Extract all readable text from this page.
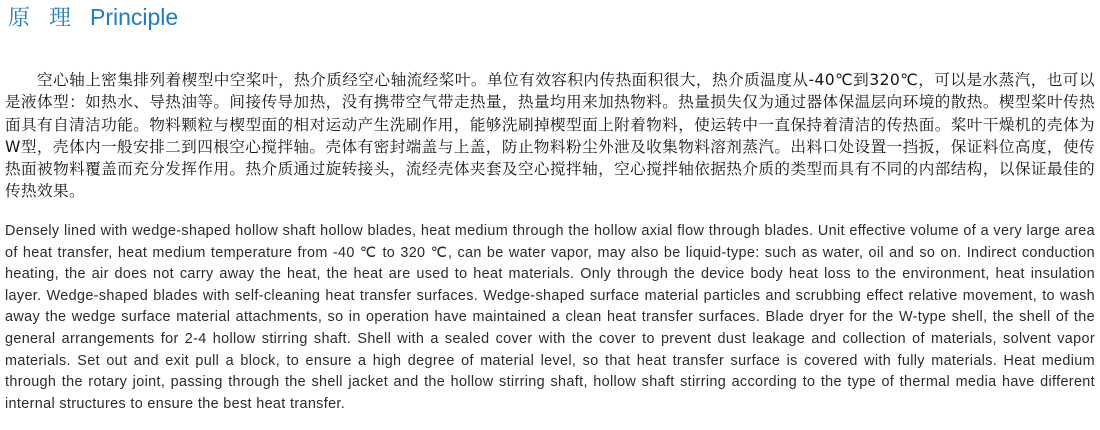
原 理 Principle

空心轴上密集排列着楔型中空桨叶，热介质经空心轴流经桨叶。单位有效容积内传热面积很大，热介质温度从-40℃到320℃，可以是水蒸汽，也可以是液体型：如热水、导热油等。间接传导加热，没有携带空气带走热量，热量均用来加热物料。热量损失仅为通过器体保温层向环境的散热。楔型桨叶传热面具有自清洁功能。物料颗粒与楔型面的相对运动产生洗刷作用，能够洗刷掉楔型面上附着物料，使运转中一直保持着清洁的传热面。桨叶干燥机的壳体为W型，壳体内一般安排二到四根空心搅拌轴。壳体有密封端盖与上盖，防止物料粉尘外泄及收集物料溶剂蒸汽。出料口处设置一挡扳，保证料位高度，使传热面被物料覆盖而充分发挥作用。热介质通过旋转接头，流经壳体夹套及空心搅拌轴，空心搅拌轴依据热介质的类型而具有不同的内部结构，以保证最佳的传热效果。

Densely lined with wedge-shaped hollow shaft hollow blades, heat medium through the hollow axial flow through blades. Unit effective volume of a very large area of heat transfer, heat medium temperature from -40 ℃ to 320 ℃, can be water vapor, may also be liquid-type: such as water, oil and so on. Indirect conduction heating, the air does not carry away the heat, the heat are used to heat materials. Only through the device body heat loss to the environment, heat insulation layer. Wedge-shaped blades with self-cleaning heat transfer surfaces. Wedge-shaped surface material particles and scrubbing effect relative movement, to wash away the wedge surface material attachments, so in operation have maintained a clean heat transfer surfaces. Blade dryer for the W-type shell, the shell of the general arrangements for 2-4 hollow stirring shaft. Shell with a sealed cover with the cover to prevent dust leakage and collection of materials, solvent vapor materials. Set out and exit pull a block, to ensure a high degree of material level, so that heat transfer surface is covered with fully materials. Heat medium through the rotary joint, passing through the shell jacket and the hollow stirring shaft, hollow shaft stirring according to the type of thermal media have different internal structures to ensure the best heat transfer.
